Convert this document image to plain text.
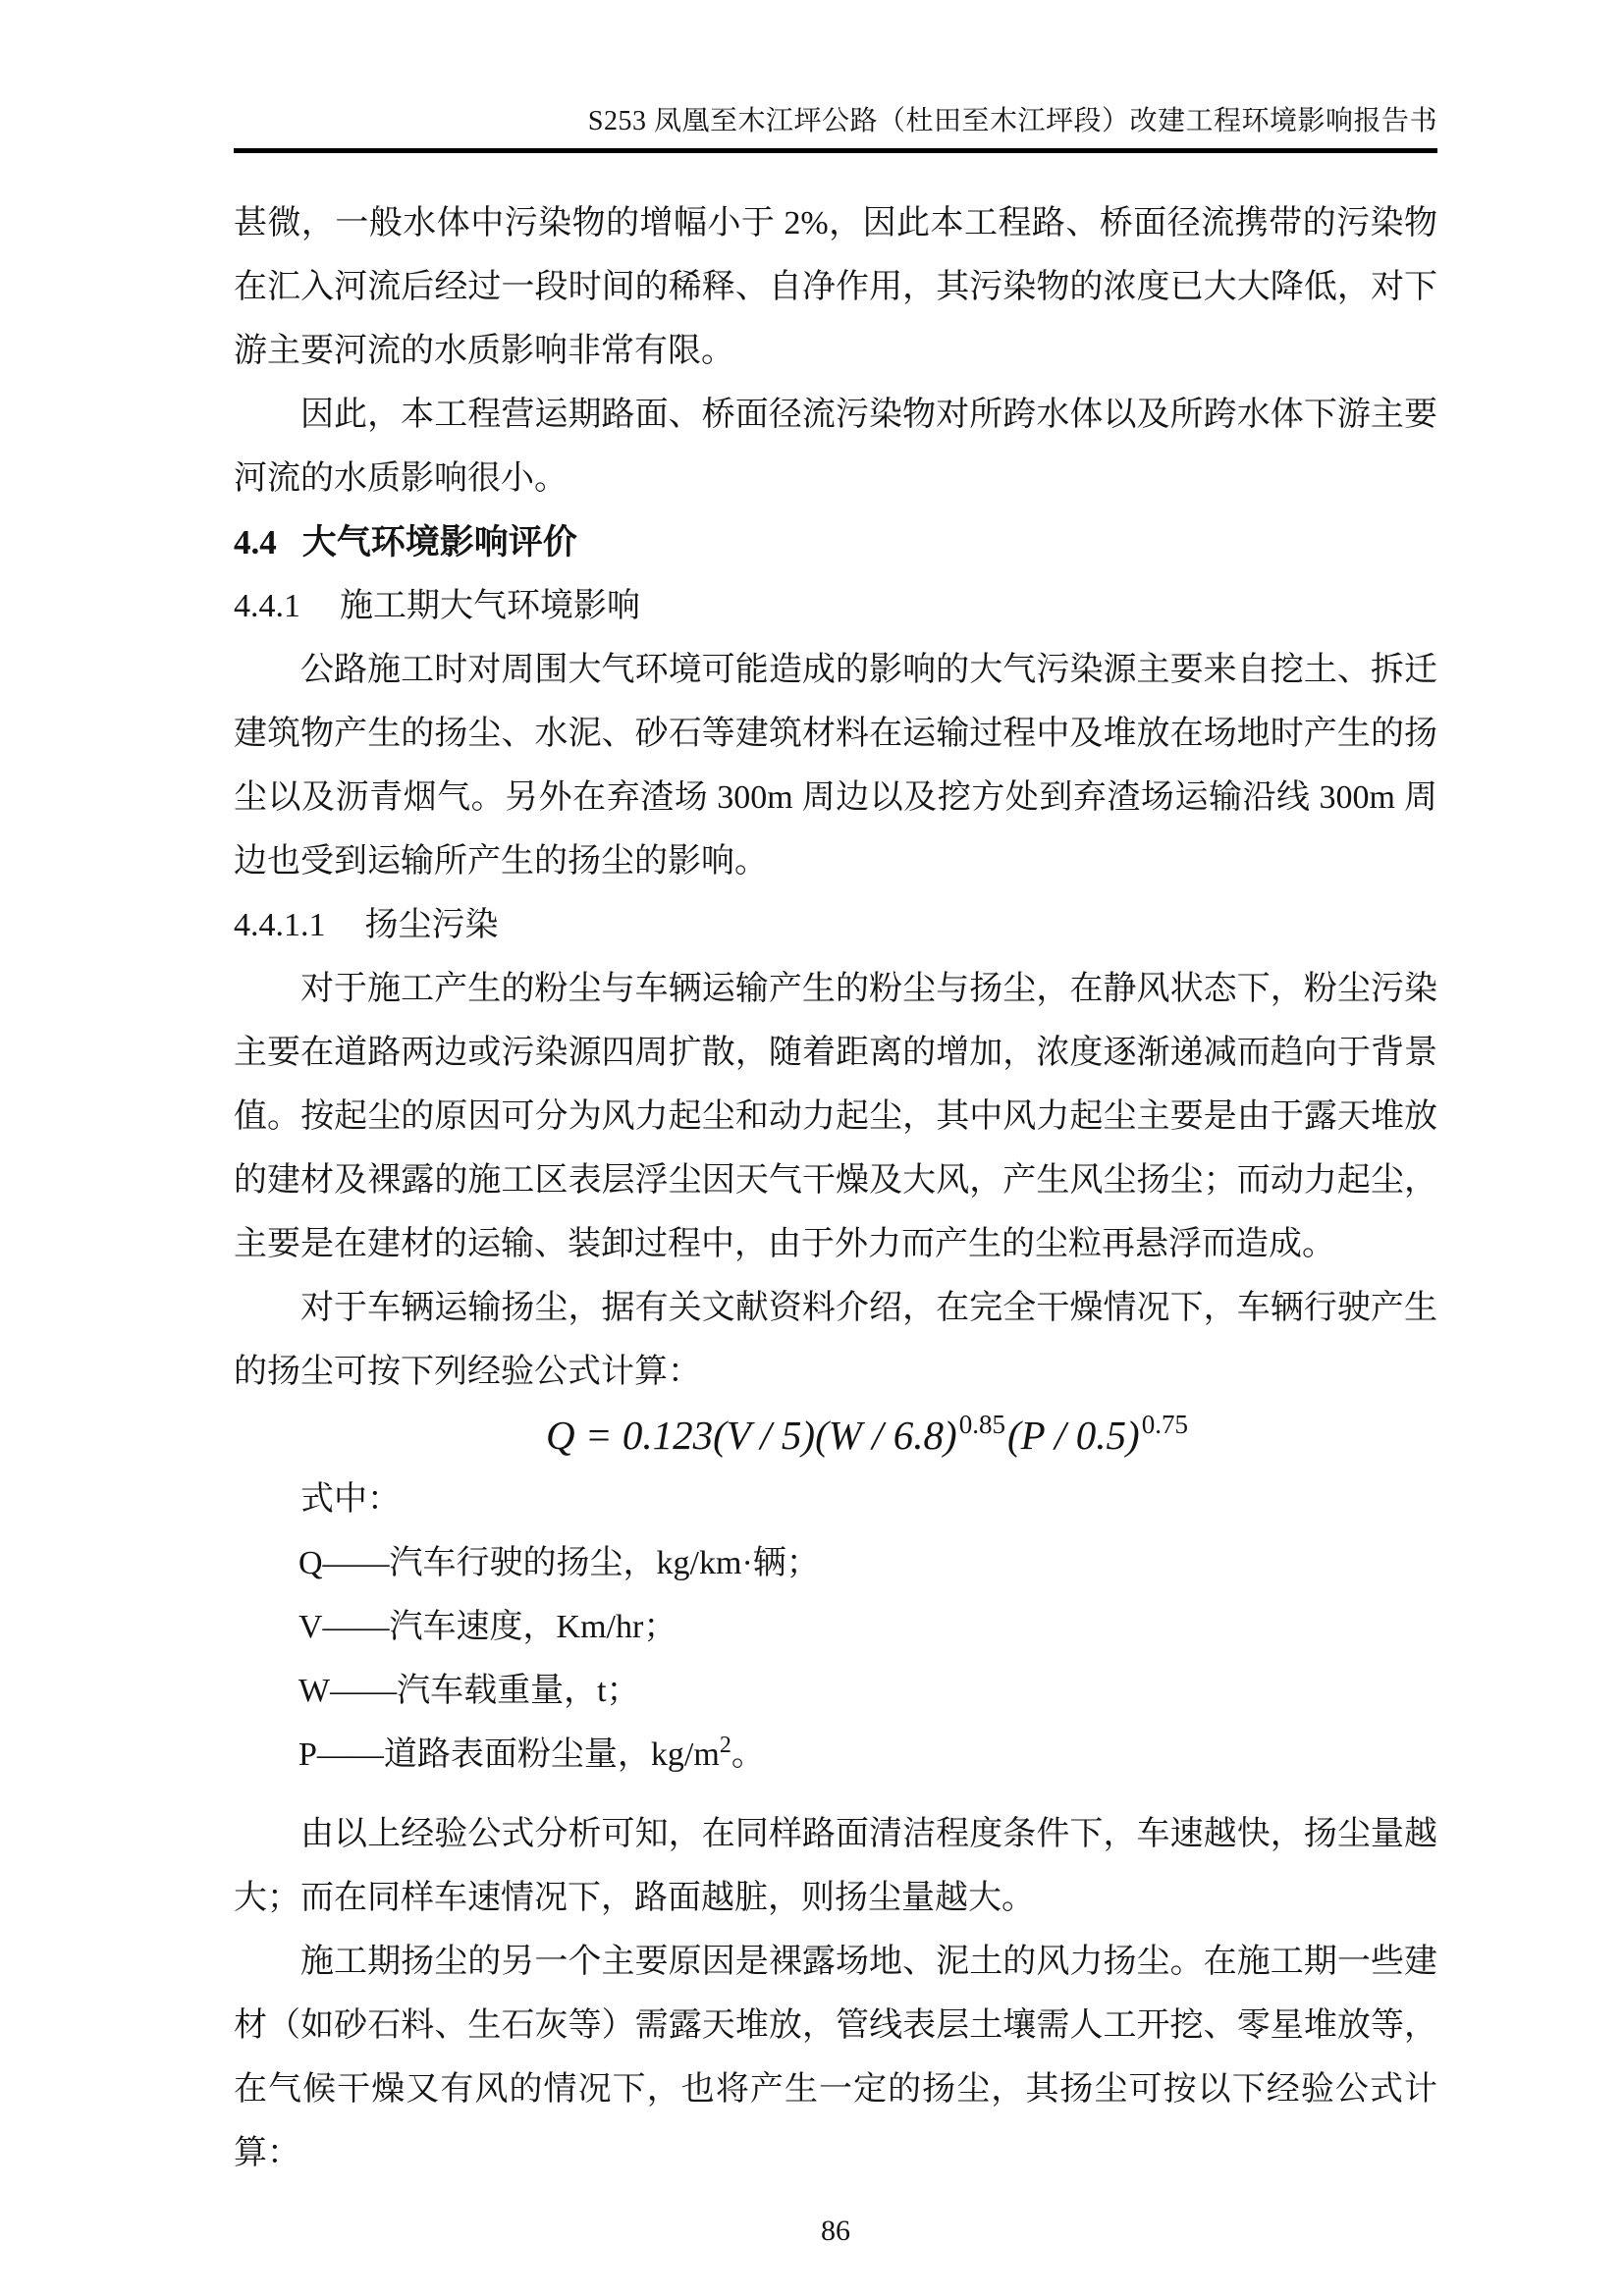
S253 凤凰至木江坪公路（杜田至木江坪段）改建工程环境影响报告书

甚微，一般水体中污染物的增幅小于 2%，因此本工程路、桥面径流携带的污染物在汇入河流后经过一段时间的稀释、自净作用，其污染物的浓度已大大降低，对下游主要河流的水质影响非常有限。

因此，本工程营运期路面、桥面径流污染物对所跨水体以及所跨水体下游主要河流的水质影响很小。

4.4 大气环境影响评价
4.4.1 施工期大气环境影响

公路施工时对周围大气环境可能造成的影响的大气污染源主要来自挖土、拆迁建筑物产生的扬尘、水泥、砂石等建筑材料在运输过程中及堆放在场地时产生的扬尘以及沥青烟气。另外在弃渣场 300m 周边以及挖方处到弃渣场运输沿线 300m 周边也受到运输所产生的扬尘的影响。

4.4.1.1 扬尘污染

对于施工产生的粉尘与车辆运输产生的粉尘与扬尘，在静风状态下，粉尘污染主要在道路两边或污染源四周扩散，随着距离的增加，浓度逐渐递减而趋向于背景值。按起尘的原因可分为风力起尘和动力起尘，其中风力起尘主要是由于露天堆放的建材及裸露的施工区表层浮尘因天气干燥及大风，产生风尘扬尘；而动力起尘，主要是在建材的运输、装卸过程中，由于外力而产生的尘粒再悬浮而造成。

对于车辆运输扬尘，据有关文献资料介绍，在完全干燥情况下，车辆行驶产生的扬尘可按下列经验公式计算：

Q = 0.123(V / 5)(W / 6.8)$^{0.85}$(P / 0.5)$^{0.75}$

式中：

Q——汽车行驶的扬尘，kg/km·辆；

V——汽车速度，Km/hr；

W——汽车载重量，t；

P——道路表面粉尘量，$kg/m^2$。

由以上经验公式分析可知，在同样路面清洁程度条件下，车速越快，扬尘量越大；而在同样车速情况下，路面越脏，则扬尘量越大。

施工期扬尘的另一个主要原因是裸露场地、泥土的风力扬尘。在施工期一些建材（如砂石料、生石灰等）需露天堆放，管线表层土壤需人工开挖、零星堆放等，在气候干燥又有风的情况下，也将产生一定的扬尘，其扬尘可按以下经验公式计算：

86
